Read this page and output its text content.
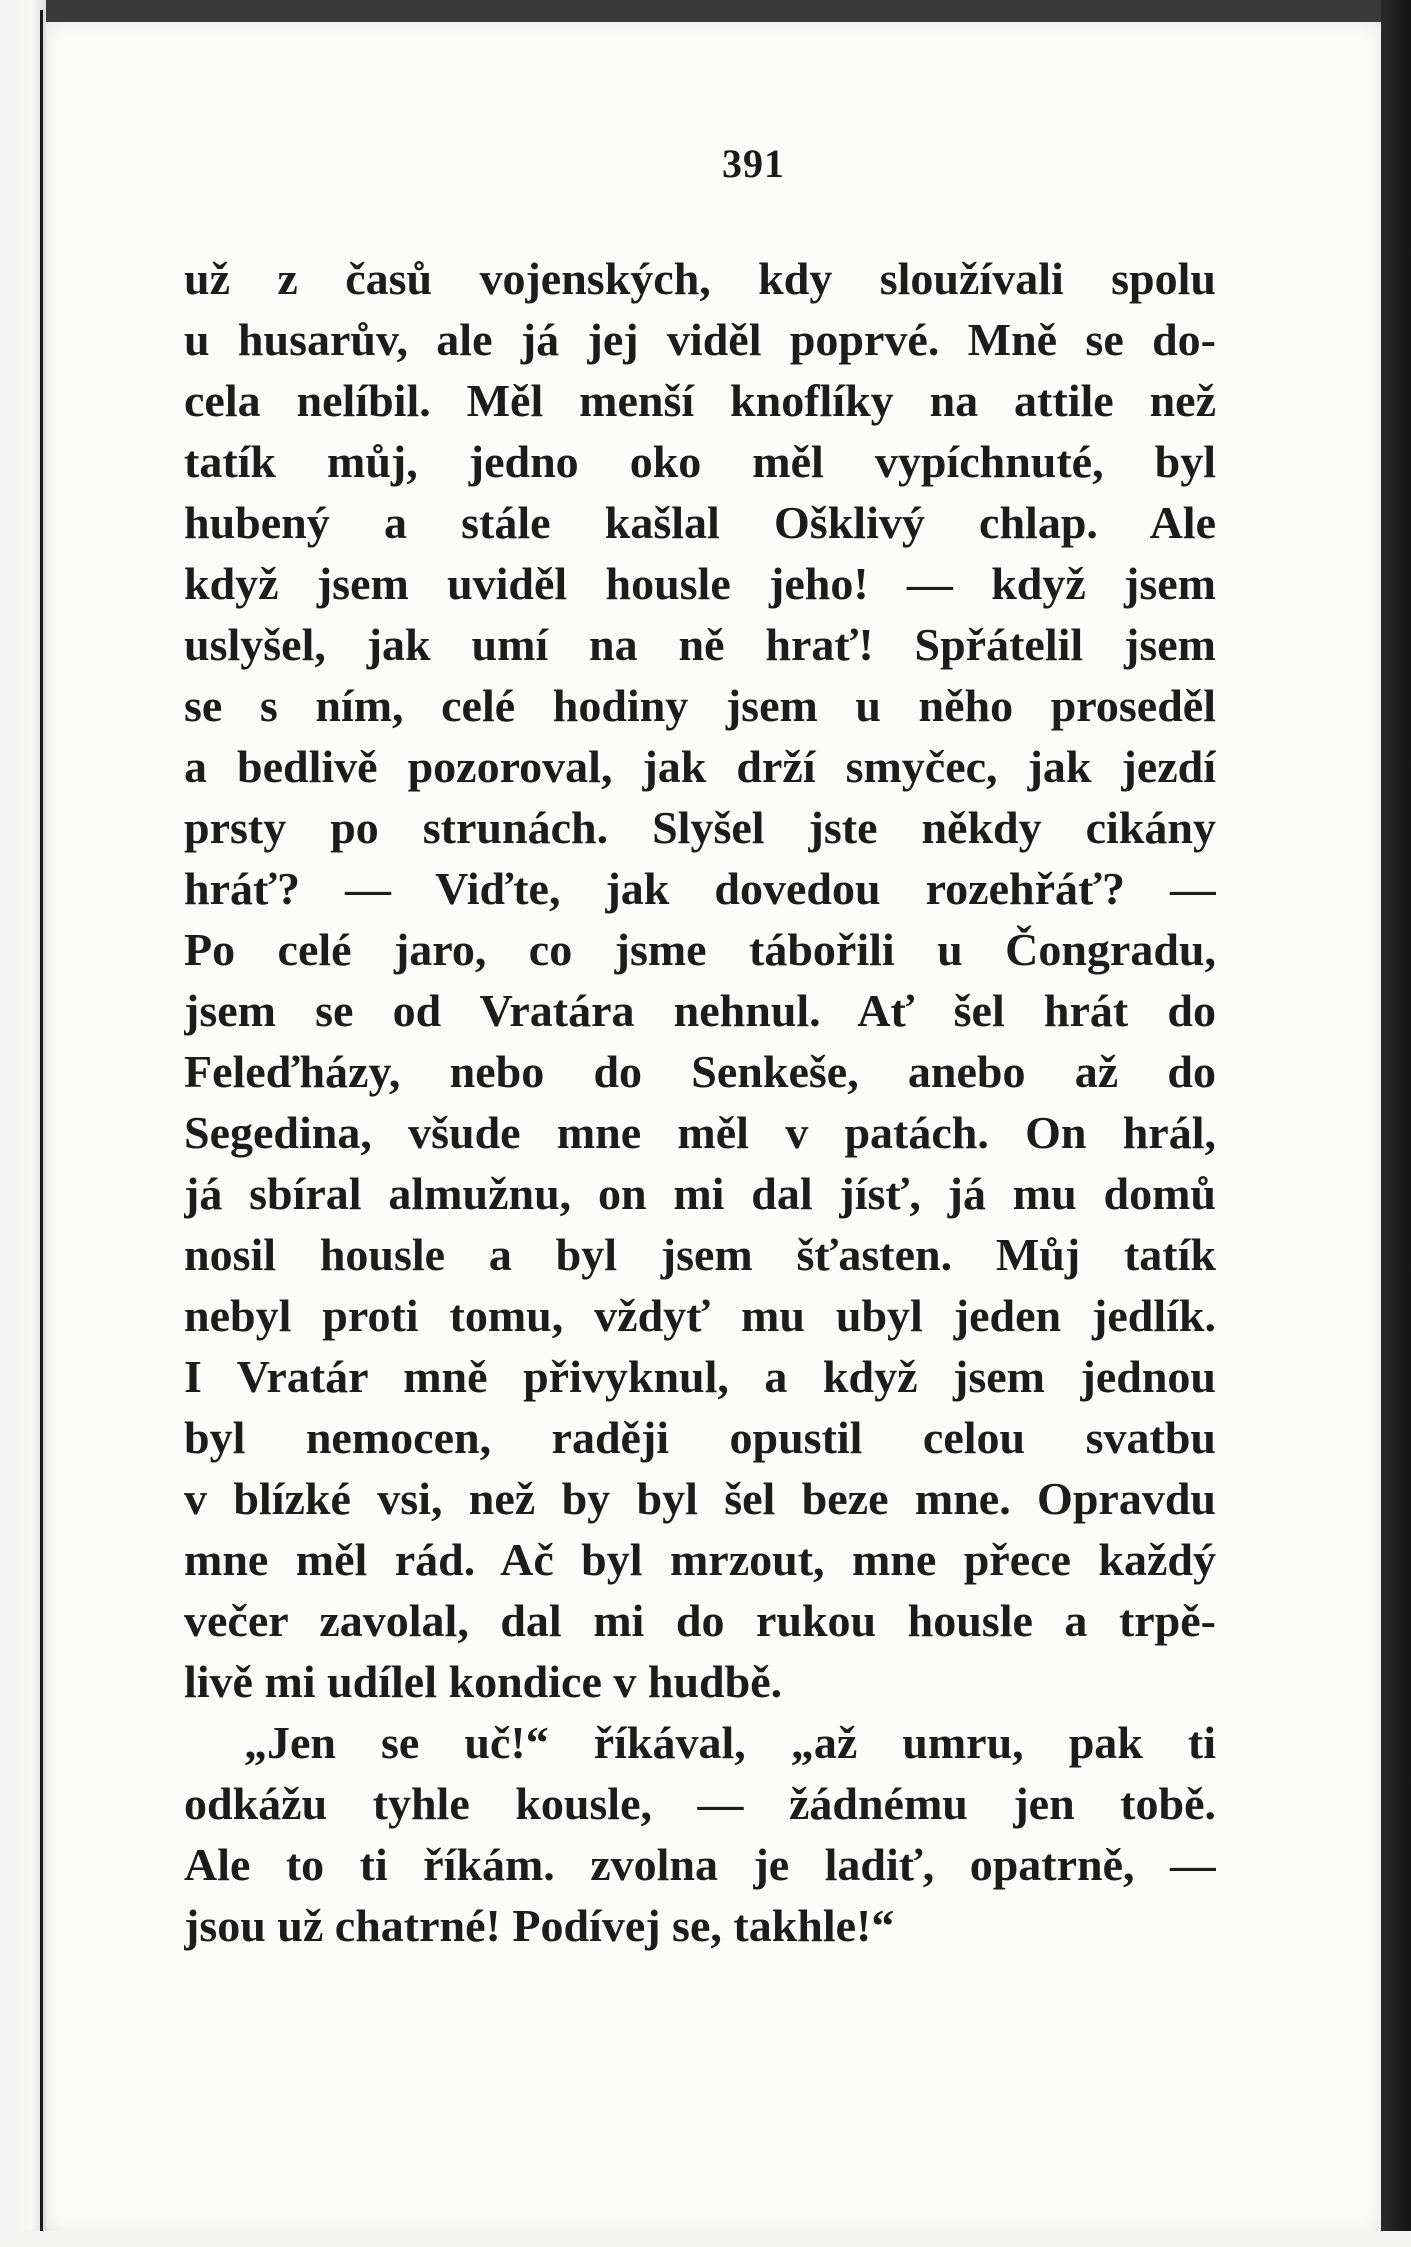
391
už z časů vojenských, kdy sloužívali spolu
u husarův, ale já jej viděl poprvé. Mně se do-
cela nelíbil. Měl menší knoflíky na attile než
tatík můj, jedno oko měl vypíchnuté, byl
hubený a stále kašlal Ošklivý chlap. Ale
když jsem uviděl housle jeho! — když jsem
uslyšel, jak umí na ně hrať! Spřátelil jsem
se s ním, celé hodiny jsem u něho proseděl
a bedlivě pozoroval, jak drží smyčec, jak jezdí
prsty po strunách. Slyšel jste někdy cikány
hráť? — Viďte, jak dovedou rozehřáť? —
Po celé jaro, co jsme tábořili u Čongradu,
jsem se od Vratára nehnul. Ať šel hrát do
Feleďházy, nebo do Senkeše, anebo až do
Segedina, všude mne měl v patách. On hrál,
já sbíral almužnu, on mi dal jísť, já mu domů
nosil housle a byl jsem šťasten. Můj tatík
nebyl proti tomu, vždyť mu ubyl jeden jedlík.
I Vratár mně přivyknul, a když jsem jednou
byl nemocen, raději opustil celou svatbu
v blízké vsi, než by byl šel beze mne. Opravdu
mne měl rád. Ač byl mrzout, mne přece každý
večer zavolal, dal mi do rukou housle a trpě-
livě mi udílel kondice v hudbě.
„Jen se uč!“ říkával, „až umru, pak ti
odkážu tyhle kousle, — žádnému jen tobě.
Ale to ti říkám. zvolna je ladiť, opatrně, —
jsou už chatrné! Podívej se, takhle!“
